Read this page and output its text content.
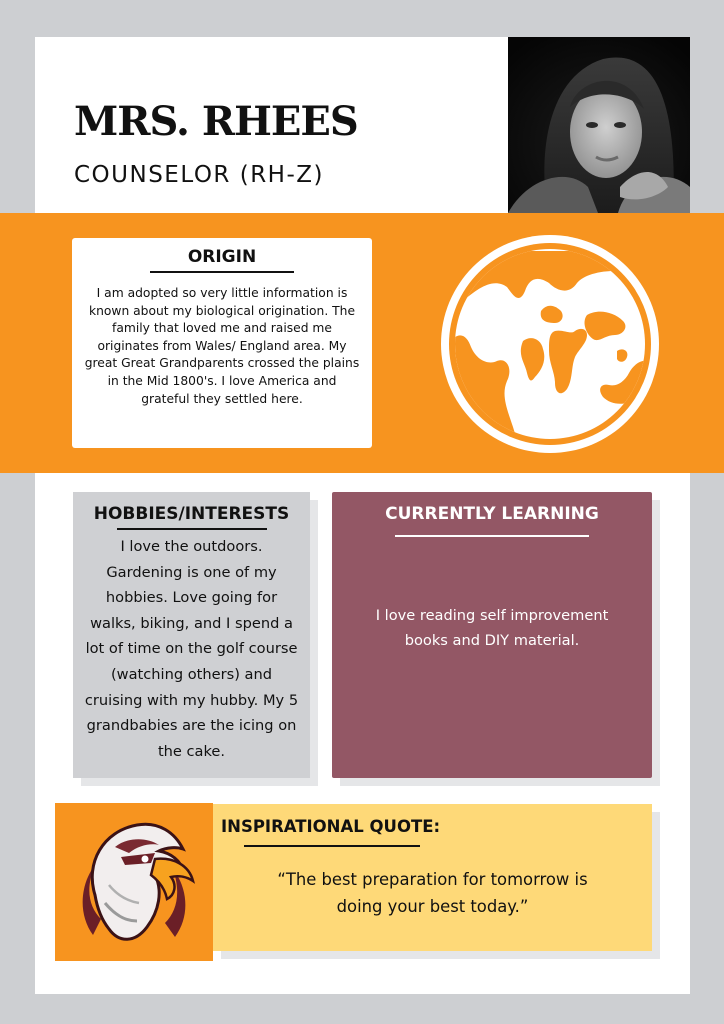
MRS. RHEES
COUNSELOR (RH-Z)
ORIGIN

I am adopted so very little information is known about my biological origination. The family that loved me and raised me originates from Wales/ England area. My great Great Grandparents crossed the plains in the Mid 1800's. I love America and grateful they settled here.

HOBBIES/INTERESTS

I love the outdoors. Gardening is one of my hobbies. Love going for walks, biking, and I spend a lot of time on the golf course (watching others) and cruising with my hubby. My 5 grandbabies are the icing on the cake.

CURRENTLY LEARNING

I love reading self improvement books and DIY material.

INSPIRATIONAL QUOTE:

“The best preparation for tomorrow is doing your best today.”
